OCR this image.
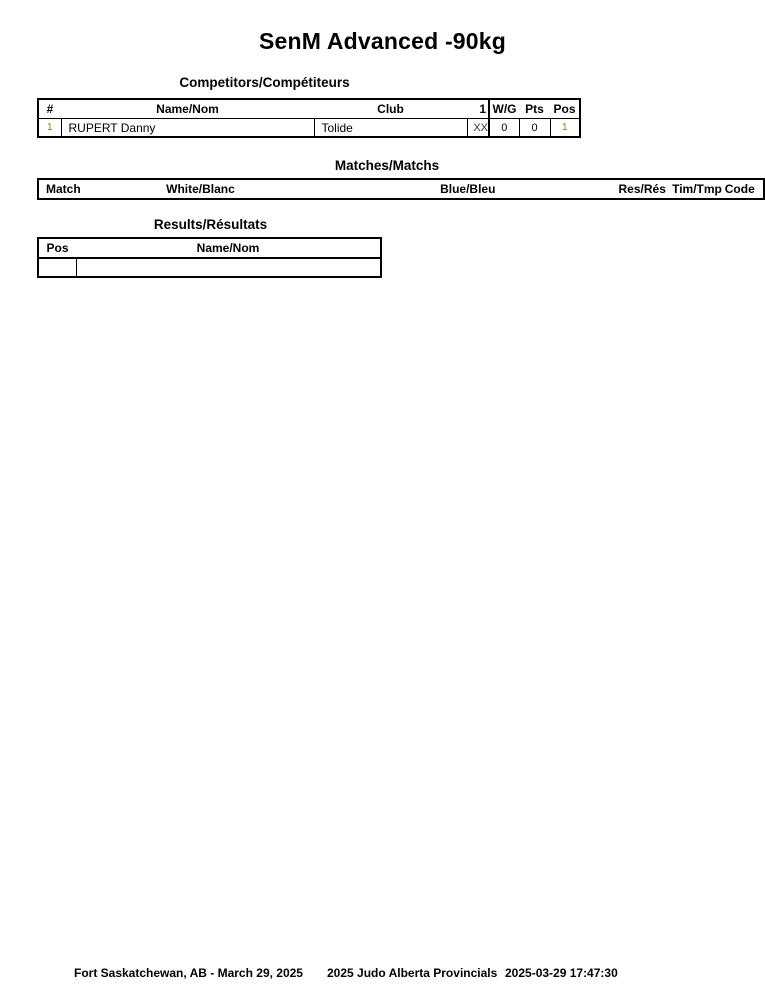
SenM Advanced -90kg
Competitors/Compétiteurs
#	Name/Nom	Club	1	W/G	Pts	Pos
1	RUPERT Danny	Tolide	XX	0	0	1
Matches/Matchs
Match	White/Blanc	Blue/Bleu	Res/Rés	Tim/Tmp	Code
Results/Résultats
Pos	Name/Nom

Fort Saskatchewan, AB - March 29, 2025 2025 Judo Alberta Provincials 2025-03-29 17:47:30
